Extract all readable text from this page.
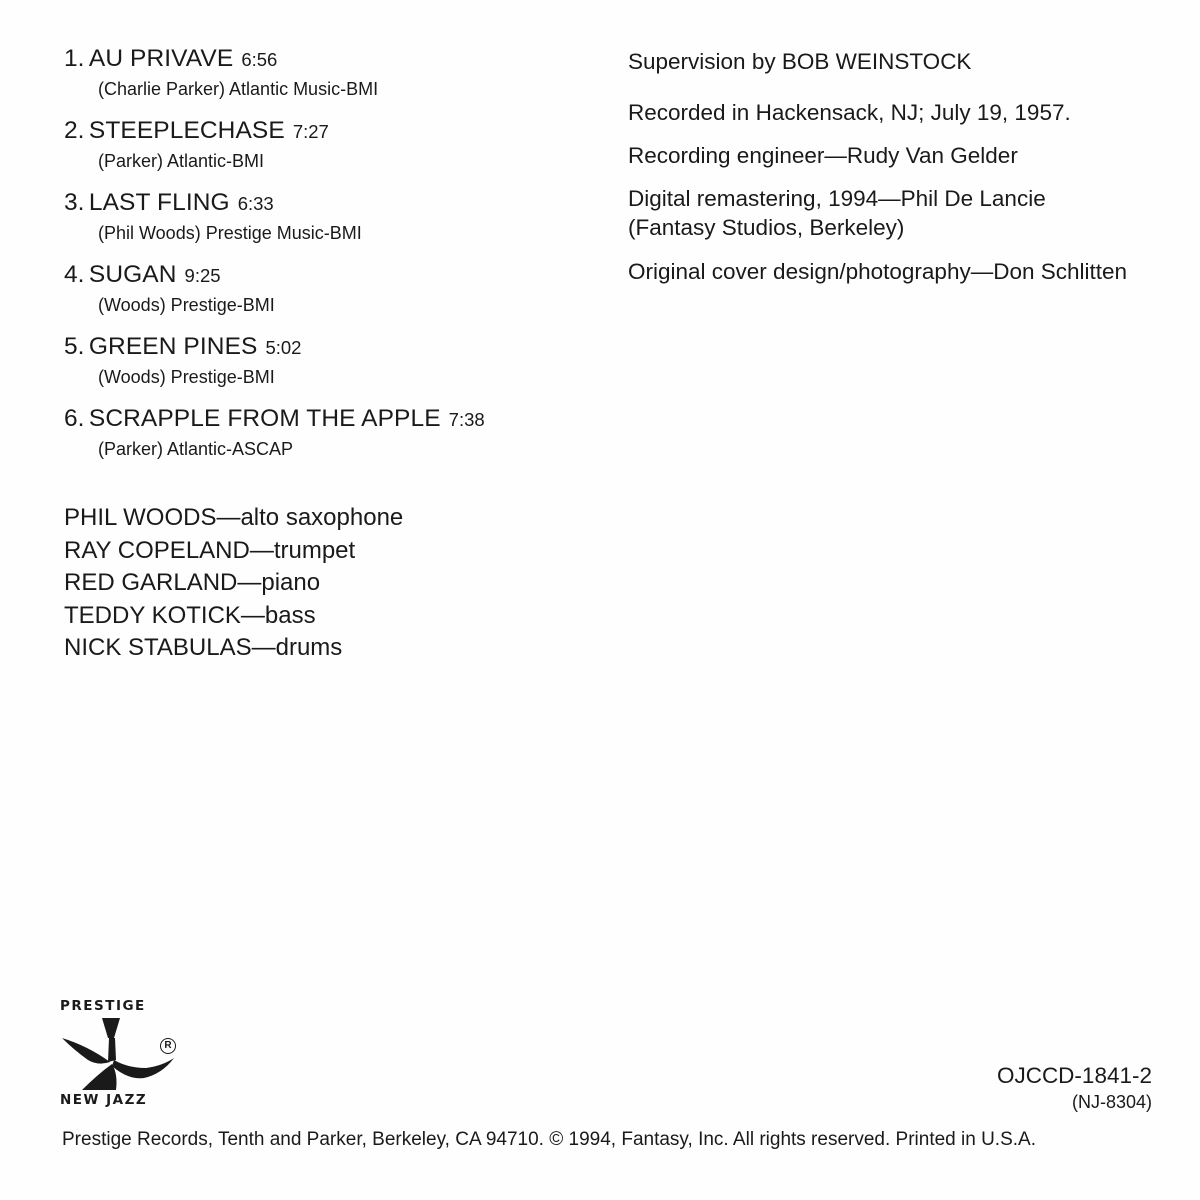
1. AU PRIVAVE 6:56
(Charlie Parker) Atlantic Music-BMI
2. STEEPLECHASE 7:27
(Parker) Atlantic-BMI
3. LAST FLING 6:33
(Phil Woods) Prestige Music-BMI
4. SUGAN 9:25
(Woods) Prestige-BMI
5. GREEN PINES 5:02
(Woods) Prestige-BMI
6. SCRAPPLE FROM THE APPLE 7:38
(Parker) Atlantic-ASCAP
PHIL WOODS—alto saxophone
RAY COPELAND—trumpet
RED GARLAND—piano
TEDDY KOTICK—bass
NICK STABULAS—drums
Supervision by BOB WEINSTOCK
Recorded in Hackensack, NJ; July 19, 1957.
Recording engineer—Rudy Van Gelder
Digital remastering, 1994—Phil De Lancie
(Fantasy Studios, Berkeley)
Original cover design/photography—Don Schlitten
PRESTIGE
R
NEW JAZZ
OJCCD-1841-2
(NJ-8304)
Prestige Records, Tenth and Parker, Berkeley, CA 94710. © 1994, Fantasy, Inc. All rights reserved. Printed in U.S.A.
